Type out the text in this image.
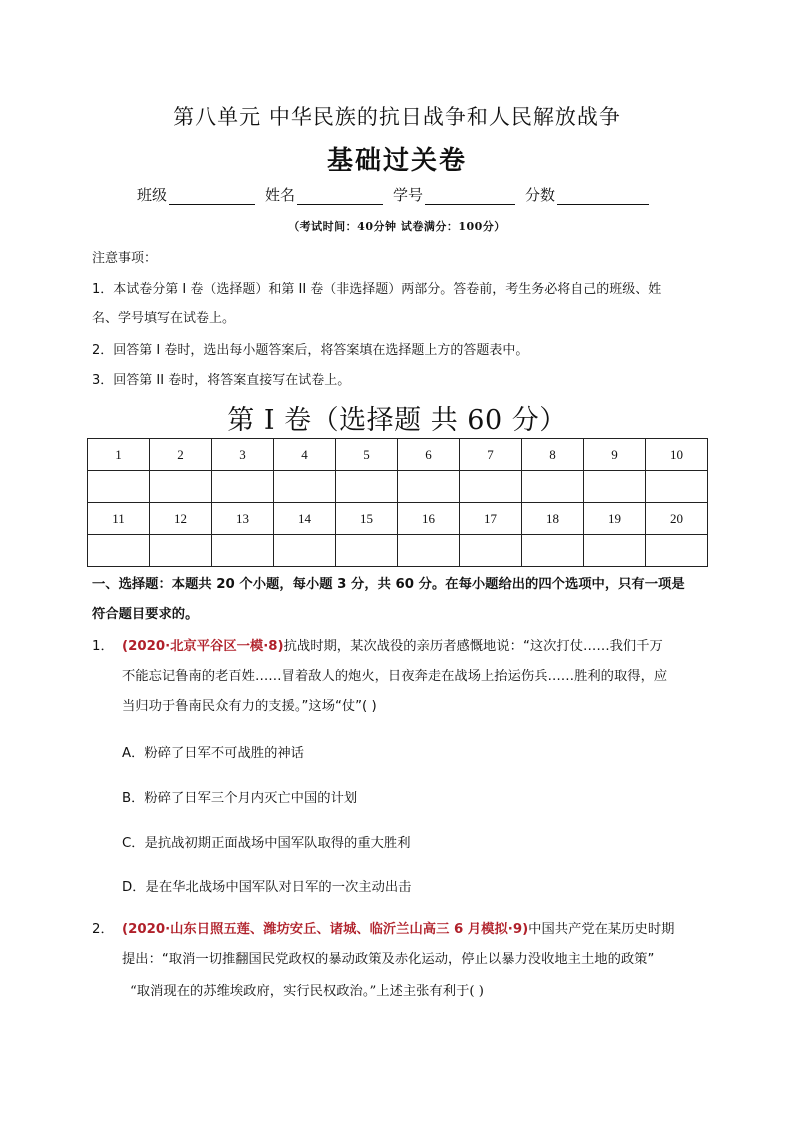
第八单元 中华民族的抗日战争和人民解放战争
基础过关卷
班级	姓名	学号	分数
（考试时间：40分钟 试卷满分：100分）
注意事项：
1．本试卷分第 I 卷（选择题）和第 II 卷（非选择题）两部分。答卷前，考生务必将自己的班级、姓
名、学号填写在试卷上。
2．回答第 I 卷时，选出每小题答案后，将答案填在选择题上方的答题表中。
3．回答第 II 卷时，将答案直接写在试卷上。
第 I 卷（选择题 共 60 分）
1	2	3	4	5	6	7	8	9	10

11	12	13	14	15	16	17	18	19	20

一、选择题：本题共 20 个小题，每小题 3 分，共 60 分。在每小题给出的四个选项中，只有一项是
符合题目要求的。
1． (2020·北京平谷区一模·8)抗战时期，某次战役的亲历者感慨地说：“这次打仗……我们千万
不能忘记鲁南的老百姓……冒着敌人的炮火，日夜奔走在战场上抬运伤兵……胜利的取得，应
当归功于鲁南民众有力的支援。”这场“仗”( )
A．粉碎了日军不可战胜的神话
B．粉碎了日军三个月内灭亡中国的计划
C．是抗战初期正面战场中国军队取得的重大胜利
D．是在华北战场中国军队对日军的一次主动出击
2． (2020·山东日照五莲、潍坊安丘、诸城、临沂兰山高三 6 月模拟·9)中国共产党在某历史时期
提出：“取消一切推翻国民党政权的暴动政策及赤化运动，停止以暴力没收地主土地的政策”
“取消现在的苏维埃政府，实行民权政治。”上述主张有利于( )
